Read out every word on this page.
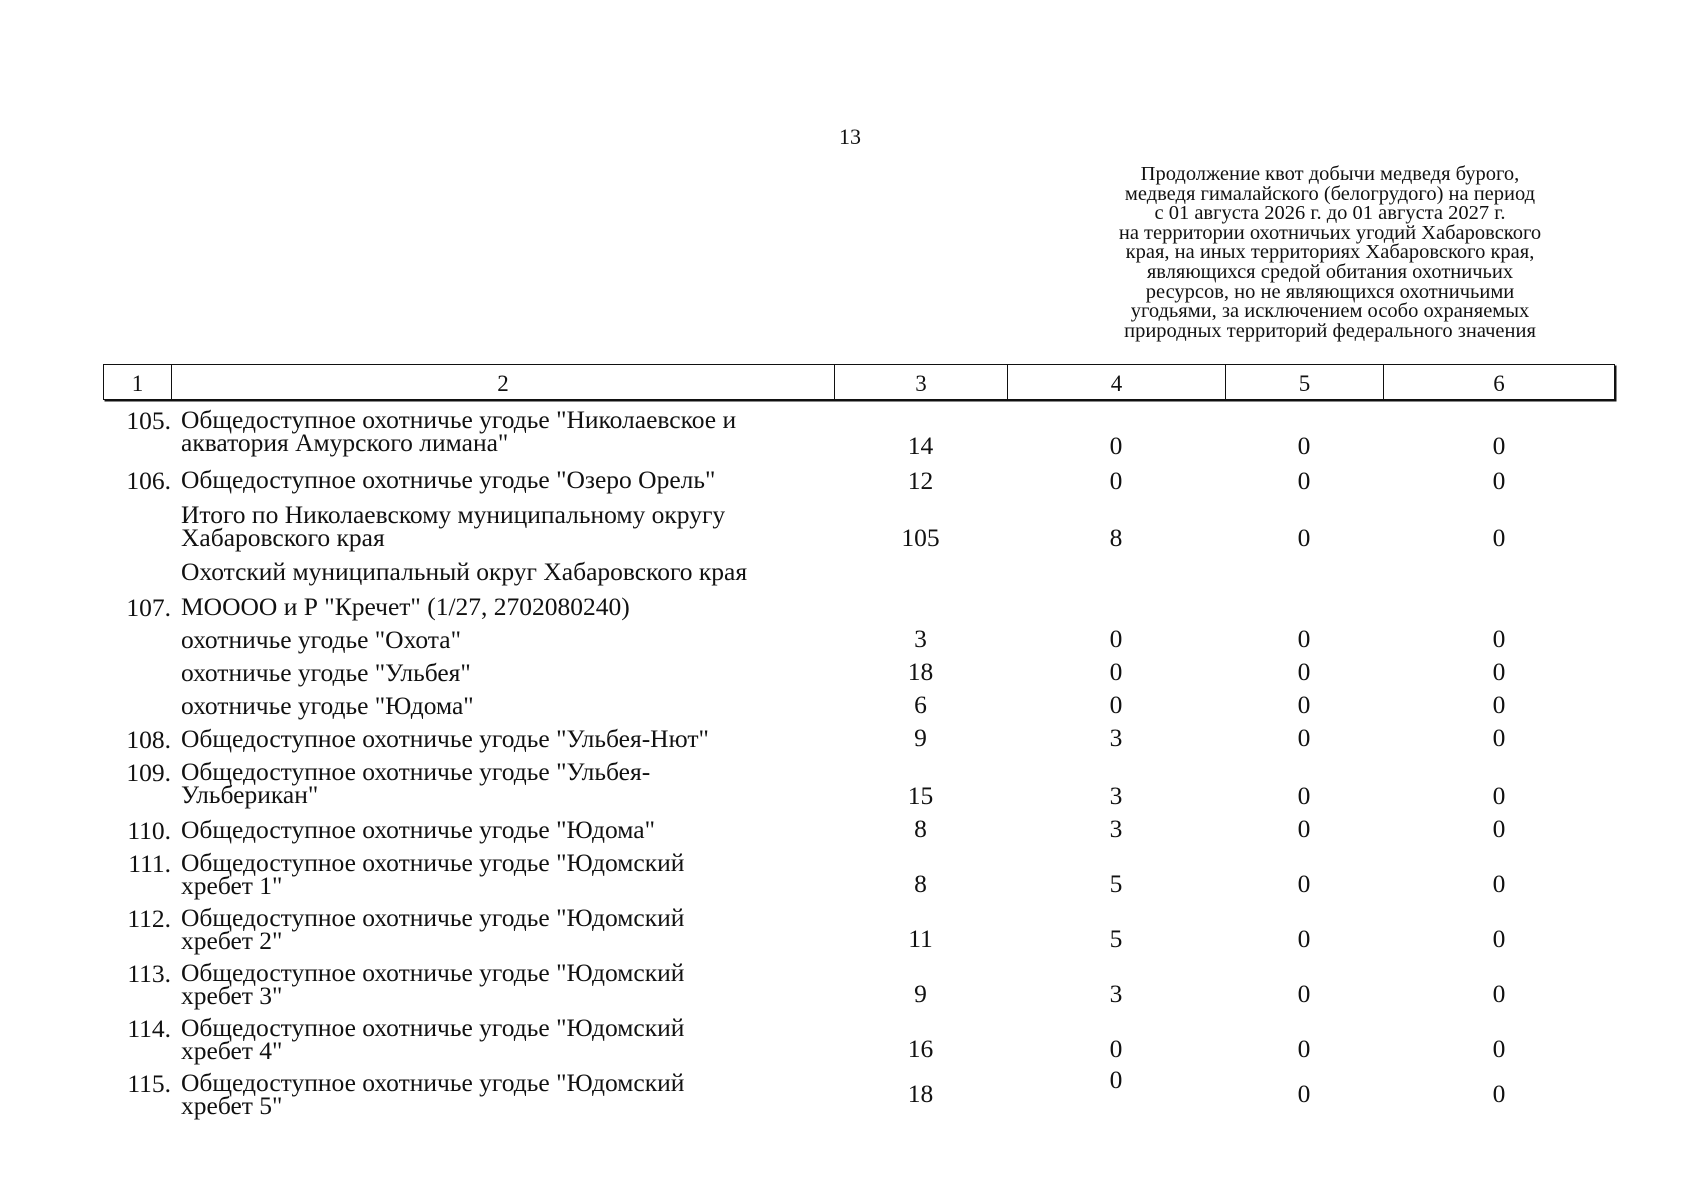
13
Продолжение квот добычи медведя бурого,
медведя гималайского (белогрудого) на период
с 01 августа 2026 г. до 01 августа 2027 г.
на территории охотничьих угодий Хабаровского
края, на иных территориях Хабаровского края,
являющихся средой обитания охотничьих
ресурсов, но не являющихся охотничьими
угодьями, за исключением особо охраняемых
природных территорий федерального значения
1	2	3	4	5	6
105. Общедоступное охотничье угодье "Николаевское и
акватория Амурского лимана"	14	0	0	0
106. Общедоступное охотничье угодье "Озеро Орель"	12	0	0	0
Итого по Николаевскому муниципальному округу
Хабаровского края	105	8	0	0
Охотский муниципальный округ Хабаровского края
107. МОООО и Р "Кречет" (1/27, 2702080240)
охотничье угодье "Охота"	3	0	0	0
охотничье угодье "Ульбея"	18	0	0	0
охотничье угодье "Юдома"	6	0	0	0
108. Общедоступное охотничье угодье "Ульбея-Нют"	9	3	0	0
109. Общедоступное охотничье угодье "Ульбея-
Ульберикан"	15	3	0	0
110. Общедоступное охотничье угодье "Юдома"	8	3	0	0
111. Общедоступное охотничье угодье "Юдомский
хребет 1"	8	5	0	0
112. Общедоступное охотничье угодье "Юдомский
хребет 2"	11	5	0	0
113. Общедоступное охотничье угодье "Юдомский
хребет 3"	9	3	0	0
114. Общедоступное охотничье угодье "Юдомский
хребет 4"	16	0	0	0
115. Общедоступное охотничье угодье "Юдомский
хребет 5"	18	0	0	0
